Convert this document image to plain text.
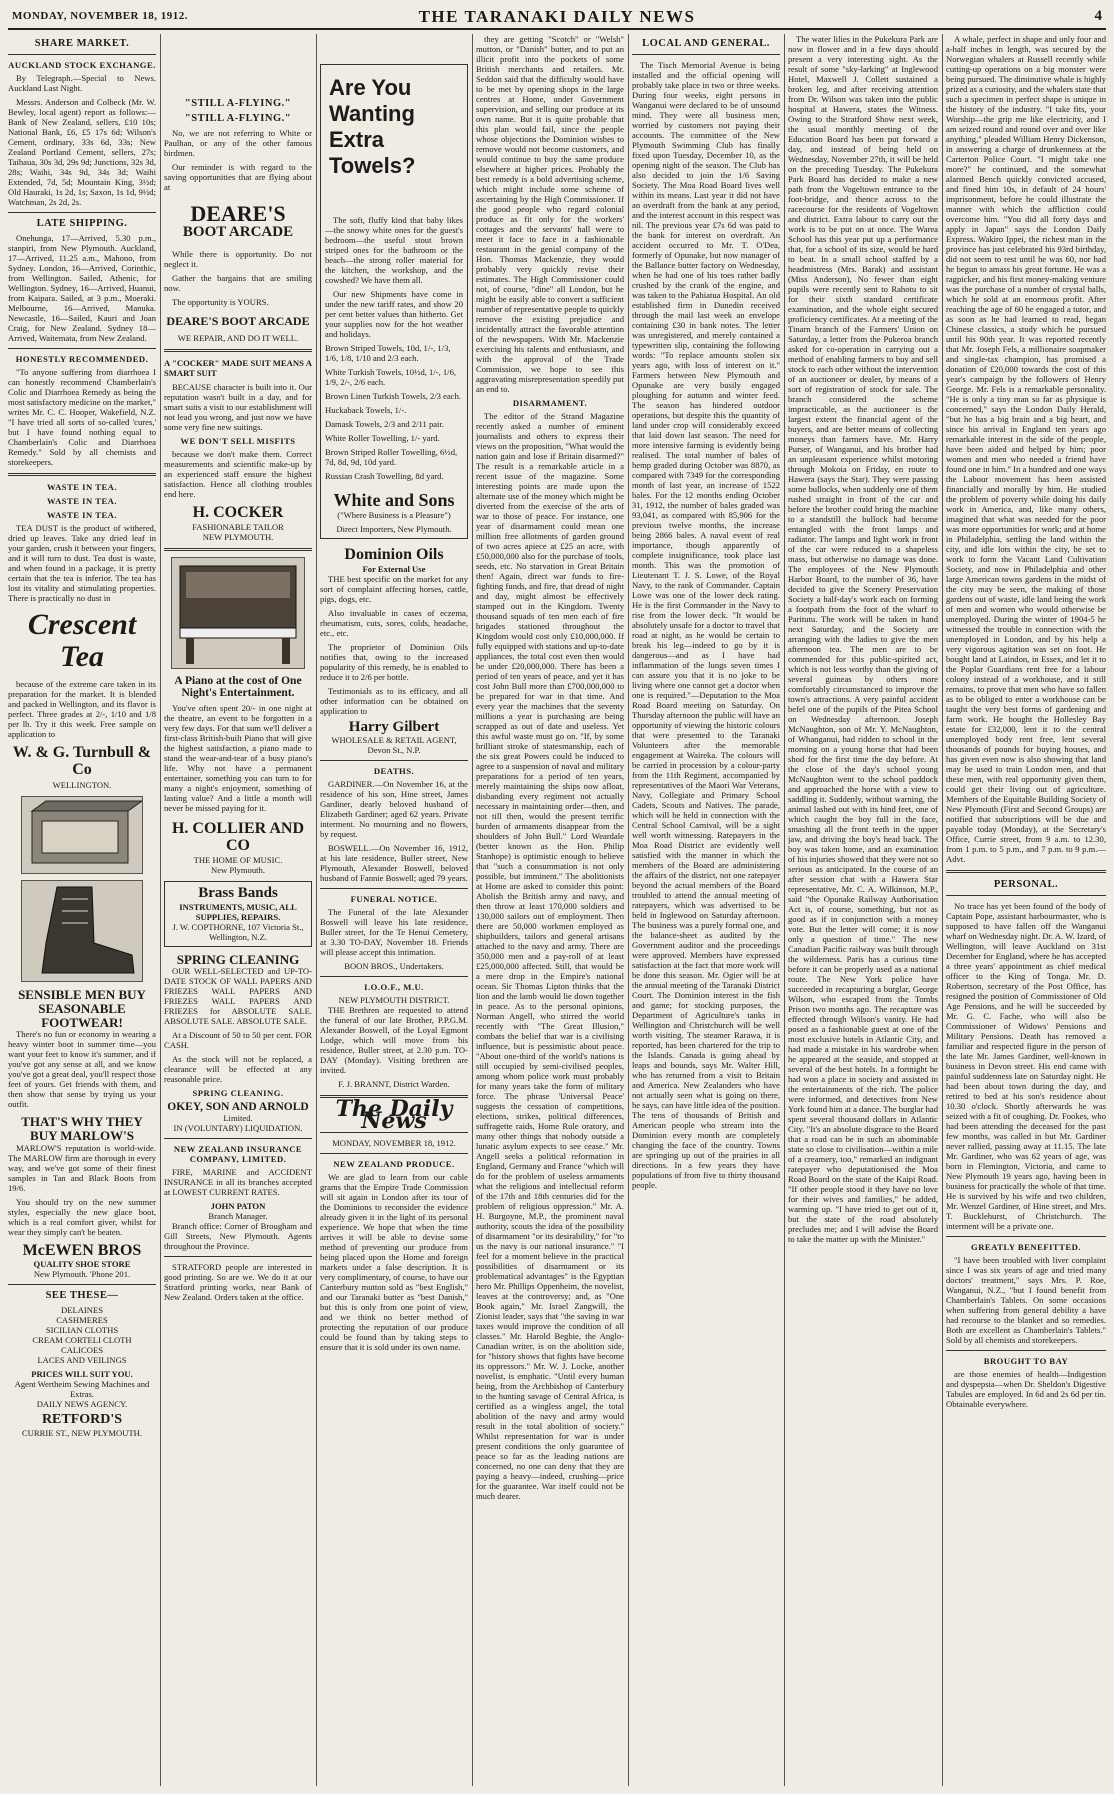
MONDAY, NOVEMBER 18, 1912.	THE TARANAKI DAILY NEWS	4
SHARE MARKET.
AUCKLAND STOCK EXCHANGE.

By Telegraph.—Special to News. Auckland Last Night.

Messrs. Anderson and Colbeck (Mr. W. Bewley, local agent) report as follows:—Bank of New Zealand, sellers, £10 10s; National Bank, £6, £5 17s 6d; Wilson's Cement, ordinary, 33s 6d, 33s; New Zealand Portland Cement, sellers, 27s; Taihaua, 30s 3d, 29s 9d; Junctions, 32s 3d, 28s; Waihi, 34s 9d, 34s 3d; Waihi Extended, 7d, 5d; Mountain King, 3½d; Old Hauraki, 1s 2d, 1s; Saxon, 1s 1d, 9½d; Watchman, 2s 2d, 2s.

LATE SHIPPING.

Onehunga, 17—Arrived, 5.30 p.m., stanpiri, from New Plymouth. Auckland, 17—Arrived, 11.25 a.m., Mahono, from Sydney. London, 16—Arrived, Corinthic, from Wellington. Sailed, Athenic, for Wellington. Sydney, 16—Arrived, Huanui, from Kaipara. Sailed, at 3 p.m., Moeraki. Melbourne, 16—Arrived, Manuka. Newcastle, 16—Sailed, Kauri and Joan Craig, for New Zealand. Sydney 18—Arrived, Waitemata, from New Zealand.

HONESTLY RECOMMENDED.

"To anyone suffering from diarrhoea I can honestly recommend Chamberlain's Colic and Diarrhoea Remedy as being the most satisfactory medicine on the market," writes Mr. C. C. Hooper, Wakefield, N.Z. "I have tried all sorts of so-called 'cures,' but I have found nothing equal to Chamberlain's Colic and Diarrhoea Remedy." Sold by all chemists and storekeepers.

WASTE IN TEA.
WASTE IN TEA.
WASTE IN TEA.

TEA DUST is the product of withered, dried up leaves. Take any dried leaf in your garden, crush it between your fingers, and it will turn to dust. Tea dust is waste, and when found in a package, it is pretty certain that the tea is inferior. The tea has lost its vitality and stimulating properties. There is practically no dust in

Crescent Tea

because of the extreme care taken in its preparation for the market. It is blended and packed in Wellington, and its flavor is perfect. Three grades at 2/-, 1/10 and 1/8 per lb. Try it this week. Free sample on application to

W. & G. Turnbull & Co
WELLINGTON.
SENSIBLE MEN BUY
SEASONABLE FOOTWEAR!

There's no fun or economy in wearing a heavy winter boot in summer time—you want your feet to know it's summer, and if you've got any sense at all, and we know you've got a great deal, you'll respect those feet of yours. Get friends with them, and then show that sense by trying us your outfit.

THAT'S WHY THEY
BUY MARLOW'S

MARLOW'S reputation is world-wide. The MARLOW firm are thorough in every way, and we've got some of their finest samples in Tan and Black Boots from 19/6.

You should try on the new summer styles, especially the new glace boot, which is a real comfort giver, whilst for wear they simply can't be beaten.

McEWEN BROS
QUALITY SHOE STORE
New Plymouth. 'Phone 201.
SEE THESE—
DELAINES
CASHMERES
SICILIAN CLOTHS
CREAM CORTELI CLOTH
CALICOES
LACES AND VEILINGS
PRICES WILL SUIT YOU.
Agent Wertheim Sewing Machines and Extras.
DAILY NEWS AGENCY.
RETFORD'S
CURRIE ST., NEW PLYMOUTH.
"STILL A-FLYING."
"STILL A-FLYING."

No, we are not referring to White or Paulhan, or any of the other famous birdmen.

Our reminder is with regard to the saving opportunities that are flying about at

DEARE'S
BOOT ARCADE

While there is opportunity. Do not neglect it.

Gather the bargains that are smiling now.

The opportunity is YOURS.

DEARE'S BOOT ARCADE
WE REPAIR, AND DO IT WELL.

A "COCKER" MADE SUIT MEANS A SMART SUIT

BECAUSE character is built into it. Our reputation wasn't built in a day, and for smart suits a visit to our establishment will not lead you wrong, and just now we have some very fine new suitings.

WE DON'T SELL MISFITS

because we don't make them. Correct measurements and scientific make-up by an experienced staff ensure the highest satisfaction. Hence all clothing troubles end here.

H. COCKER
FASHIONABLE TAILOR
NEW PLYMOUTH.
A Piano at the cost of One Night's Entertainment.

You've often spent 20/- in one night at the theatre, an event to be forgotten in a very few days. For that sum we'll deliver a first-class British-built Piano that will give the highest satisfaction, a piano made to stand the wear-and-tear of a busy piano's life. Why not have a permanent entertainer, something you can turn to for many a night's enjoyment, something of lasting value? And a little a month will never be missed paying for it.

H. COLLIER AND CO
THE HOME OF MUSIC.
New Plymouth.
Brass Bands
INSTRUMENTS, MUSIC, ALL SUPPLIES, REPAIRS.
J. W. COPTHORNE, 107 Victoria St., Wellington, N.Z.
SPRING CLEANING

OUR WELL-SELECTED and UP-TO-DATE STOCK OF WALL PAPERS AND FRIEZES WALL PAPERS AND FRIEZES WALL PAPERS AND FRIEZES for ABSOLUTE SALE. ABSOLUTE SALE. ABSOLUTE SALE.

At a Discount of 50 to 50 per cent. FOR CASH.

As the stock will not be replaced, a clearance will be effected at any reasonable price.

SPRING CLEANING.
OKEY, SON AND ARNOLD
Limited.
IN (VOLUNTARY) LIQUIDATION.
NEW ZEALAND INSURANCE COMPANY, LIMITED.

FIRE, MARINE and ACCIDENT INSURANCE in all its branches accepted at LOWEST CURRENT RATES.

JOHN PATON
Branch Manager.

Branch office: Corner of Brougham and Gill Streets, New Plymouth. Agents throughout the Province.

STRATFORD people are interested in good printing. So are we. We do it at our Stratford printing works, near Bank of New Zealand. Orders taken at the office.

Are You
Wanting
Extra
Towels?

The soft, fluffy kind that baby likes—the snowy white ones for the guest's bedroom—the useful stout brown striped ones for the bathroom or the beach—the strong roller material for the kitchen, the workshop, and the cowshed? We have them all.

Our new Shipments have come in under the new tariff rates, and show 20 per cent better values than hitherto. Get your supplies now for the hot weather and holidays.

Brown Striped Towels, 10d, 1/-, 1/3, 1/6, 1/8, 1/10 and 2/3 each.

White Turkish Towels, 10½d, 1/-, 1/6, 1/9, 2/-, 2/6 each.

Brown Linen Turkish Towels, 2/3 each.

Huckaback Towels, 1/-.

Damask Towels, 2/3 and 2/11 pair.

White Roller Towelling, 1/- yard.

Brown Striped Roller Towelling, 6½d, 7d, 8d, 9d, 10d yard.

Russian Crash Towelling, 8d yard.

White and Sons
("Where Business is a Pleasure")
Direct Importers, New Plymouth.
Dominion Oils
For External Use

THE best specific on the market for any sort of complaint affecting horses, cattle, pigs, dogs, etc.

Also invaluable in cases of eczema, rheumatism, cuts, sores, colds, headache, etc., etc.

The proprietor of Dominion Oils notifies that, owing to the increased popularity of this remedy, he is enabled to reduce it to 2/6 per bottle.

Testimonials as to its efficacy, and all other information can be obtained on application to

Harry Gilbert
WHOLESALE & RETAIL AGENT, Devon St., N.P.
DEATHS.

GARDINER.—On November 16, at the residence of his son, Hine street, James Gardiner, dearly beloved husband of Elizabeth Gardiner; aged 62 years. Private interment. No mourning and no flowers, by request.

BOSWELL.—On November 16, 1912, at his late residence, Buller street, New Plymouth, Alexander Boswell, beloved husband of Fannie Boswell; aged 79 years.

FUNERAL NOTICE.

The Funeral of the late Alexander Boswell will leave his late residence, Buller street, for the Te Henui Cemetery, at 3.30 TO-DAY, November 18. Friends will please accept this intimation.

BOON BROS., Undertakers.
I.O.O.F., M.U.
NEW PLYMOUTH DISTRICT.

THE Brethren are requested to attend the funeral of our late Brother, P.P.G.M. Alexander Boswell, of the Loyal Egmont Lodge, which will move from his residence, Buller street, at 2.30 p.m. TO-DAY (Monday). Visiting brethren are invited.

F. J. BRANNT, District Warden.
The Daily News
MONDAY, NOVEMBER 18, 1912.
NEW ZEALAND PRODUCE.

We are glad to learn from our cable grams that the Empire Trade Commission will sit again in London after its tour of the Dominions to reconsider the evidence already given it in the light of its personal experience. We hope that when the time arrives it will be able to devise some method of preventing our produce from being placed upon the Home and foreign markets under a false description. It is very complimentary, of course, to have our Canterbury mutton sold as "best English," and our Taranaki butter as "best Danish," but this is only from one point of view, and we think no better method of protecting the reputation of our produce could be found than by taking steps to ensure that it is sold under its own name.

they are getting "Scotch" or "Welsh" mutton, or "Danish" butter, and to put an illicit profit into the pockets of some British merchants and retailers. Mr. Seddon said that the difficulty would have to be met by opening shops in the large centres at Home, under Government supervision, and selling our produce at its own name. But it is quite probable that this plan would fail, since the people whose objections the Dominion wishes to remove would not become customers, and would continue to buy the same produce elsewhere at higher prices. Probably the best remedy is a bold advertising scheme, which might include some scheme of ascertaining by the High Commissioner. If the good people who regard colonial produce as fit only for the workers' cottages and the servants' hall were to meet it face to face in a fashionable restaurant in the genial company of the Hon. Thomas Mackenzie, they would probably very quickly revise their estimates. The High Commissioner could not, of course, "dine" all London, but he might be easily able to convert a sufficient number of representative people to quickly remove the existing prejudice and incidentally attract the favorable attention of the newspapers. With Mr. Mackenzie exercising his talents and enthusiasm, and with the approval of the Trade Commission, we hope to see this aggravating misrepresentation speedily put an end to.

DISARMAMENT.

The editor of the Strand Magazine recently asked a number of eminent journalists and others to express their views on the proposition, "What would the nation gain and lose if Britain disarmed?" The result is a remarkable article in a recent issue of the magazine. Some interesting points are made upon the alternate use of the money which might be diverted from the exercise of the arts of war to those of peace. For instance, one year of disarmament could mean one million free allotments of garden ground of two acres apiece at £25 an acre, with £50,000,000 also for the purchase of tools, seeds, etc. No starvation in Great Britain then! Again, direct war funds to fire-fighting funds, and fire, that dread of night and day, might almost be effectively stamped out in the Kingdom. Twenty thousand squads of ten men each of fire brigades stationed throughout the Kingdom would cost only £10,000,000. If fully equipped with stations and up-to-date appliances, the total cost even then would be under £20,000,000. There has been a period of ten years of peace, and yet it has cost John Bull more than £700,000,000 to be prepared for war in that time. And every year the machines that the seventy millions a year is purchasing are being scrapped as out of date and useless. Yet this awful waste must go on. "If, by some brilliant stroke of statesmanship, each of the six great Powers could be induced to agree to a suspension of naval and military preparations for a period of ten years, merely maintaining the ships now afloat, disbanding every regiment not actually necessary in maintaining order—then, and not till then, would the present terrific burden of armaments disappear from the shoulders of John Bull." Lord Weardale (better known as the Hon. Philip Stanhope) is optimistic enough to believe that "such a consummation is not only possible, but imminent." The abolitionists at Home are asked to consider this point: Abolish the British army and navy, and then throw at least 170,000 soldiers and 130,000 sailors out of employment. Then there are 50,000 workmen employed as shipbuilders, tailors and general artisans attached to the navy and army. There are 350,000 men and a pay-roll of at least £25,000,000 affected. Still, that would be a mere drop in the Empire's national ocean. Sir Thomas Lipton thinks that the lion and the lamb would lie down together in peace. As to the personal opinions, Norman Angell, who stirred the world recently with "The Great Illusion," combats the belief that war is a civilising influence, but is pessimistic about peace. "About one-third of the world's nations is still occupied by semi-civilised peoples, among whom police work must probably for many years take the form of military force. The phrase 'Universal Peace' suggests the cessation of competitions, elections, strikes, political differences, suffragette raids, Home Rule oratory, and many other things that nobody outside a lunatic asylum expects to see cease." Mr. Angell seeks a political reformation in England, Germany and France "which will do for the problem of useless armaments what the religious and intellectual reform of the 17th and 18th centuries did for the problem of religious oppression." Mr. A. H. Burgoyne, M.P., the prominent naval authority, scouts the idea of the possibility of disarmament "or its desirability," for "to us the navy is our national insurance." "I feel for a moment believe in the practical possibilities of disarmament or its problematical advantages" is the Egyptian hero Mr. Phillips Oppenheim, the novelist, leaves at the controversy; and, as "One Book again," Mr. Israel Zangwill, the Zionist leader, says that "the saving in war taxes would improve the condition of all classes." Mr. Harold Begbie, the Anglo-Canadian writer, is on the abolition side, for "history shows that fights have become its oppressors." Mr. W. J. Locke, another novelist, is emphatic. "Until every human being, from the Archbishop of Canterbury to the hunting savage of Central Africa, is certified as a wingless angel, the total abolition of the navy and army would result in the total abolition of society." Whilst representation for war is under present conditions the only guarantee of peace so far as the leading nations are concerned, no one can deny that they are paying a heavy—indeed, crushing—price for the guarantee. War itself could not be much dearer.

LOCAL AND GENERAL.

The Tisch Memorial Avenue is being installed and the official opening will probably take place in two or three weeks. During four weeks, eight persons in Wanganui were declared to be of unsound mind. They were all business men, worried by customers not paying their accounts. The committee of the New Plymouth Swimming Club has finally fixed upon Tuesday, December 10, as the opening night of the season. The Club has also decided to join the 1/6 Saving Society. The Moa Road Board lives well within its means. Last year it did not have an overdraft from the bank at any period, and the interest account in this respect was nil. The previous year £7s 6d was paid to the bank for interest on overdraft. An accident occurred to Mr. T. O'Dea, formerly of Opunake, but now manager of the Ballance butter factory on Wednesday, when he had one of his toes rather badly crushed by the crank of the engine, and was taken to the Pahiatua Hospital. An old established firm in Dunedin received through the mail last week an envelope containing £30 in bank notes. The letter was unregistered, and merely contained a typewritten slip, containing the following words: "To replace amounts stolen six years ago, with loss of interest on it." Farmers between New Plymouth and Opunake are very busily engaged ploughing for autumn and winter feed. The season has hindered outdoor operations, but despite this the quantity of land under crop will considerably exceed that laid down last season. The need for more intensive farming is evidently being realised. The total number of bales of hemp graded during October was 8870, as compared with 7349 for the corresponding month of last year, an increase of 1522 bales. For the 12 months ending October 31, 1912, the number of bales graded was 93,041, as compared with 85,906 for the previous twelve months, the increase being 2866 bales. A naval event of real importance, though apparently of complete insignificance, took place last month. This was the promotion of Lieutenant T. J. S. Lowe, of the Royal Navy, to the rank of Commander. Captain Lowe was one of the lower deck rating. He is the first Commander in the Navy to rise from the lower deck. "It would be absolutely unsafe for a doctor to travel that road at night, as he would be certain to break his leg—indeed to go by it is dangerous—and as I have had inflammation of the lungs seven times I can assure you that it is no joke to be living where one cannot get a doctor when one is required."—Deputation to the Moa Road Board meeting on Saturday. On Thursday afternoon the public will have an opportunity of viewing the historic colours that were presented to the Taranaki Volunteers after the memorable engagement at Waireka. The colours will be carried in procession by a colour-party from the 11th Regiment, accompanied by representatives of the Maori War Veterans, Navy, Collegiate and Primary School Cadets, Scouts and Natives. The parade, which will be held in connection with the Central School Carnival, will be a sight well worth witnessing. Ratepayers in the Moa Road District are evidently well satisfied with the manner in which the members of the Board are administering the affairs of the district, not one ratepayer beyond the actual members of the Board troubled to attend the annual meeting of ratepayers, which was advertised to be held in Inglewood on Saturday afternoon. The business was a purely formal one, and the balance-sheet as audited by the Government auditor and the proceedings were approved. Members have expressed satisfaction at the fact that more work will be done this season. Mr. Ogier will be at the annual meeting of the Taranaki District Court. The Dominion interest in the fish and game; for stocking purposes, the Department of Agriculture's tanks in Wellington and Christchurch will be well worth visiting. The steamer Rarawa, it is reported, has been chartered for the trip to the Islands. Canada is going ahead by leaps and bounds, says Mr. Walter Hill, who has returned from a visit to Britain and America. New Zealanders who have not actually seen what is going on there, he says, can have little idea of the position. The tens of thousands of British and American people who stream into the Dominion every month are completely changing the face of the country. Towns are springing up out of the prairies in all directions. In a few years they have populations of from five to thirty thousand people.

The water lilies in the Pukekura Park are now in flower and in a few days should present a very interesting sight. As the result of some "sky-larking" at Inglewood Hotel, Maxwell J. Collett sustained a broken leg, and after receiving attention from Dr. Wilson was taken into the public hospital at Hawera, states the Witness. Owing to the Stratford Show next week, the usual monthly meeting of the Education Board has been put forward a day, and instead of being held on Wednesday, November 27th, it will be held on the preceding Tuesday. The Pukekura Park Board has decided to make a new path from the Vogeltown entrance to the foot-bridge, and thence across to the racecourse for the residents of Vogeltown and district. Extra labour to carry out the work is to be put on at once. The Warea School has this year put up a performance that, for a school of its size, would be hard to beat. In a small school staffed by a headmistress (Mrs. Barak) and assistant (Miss Anderson), No fewer than eight pupils were recently sent to Rahotu to sit for their sixth standard certificate examination, and the whole eight secured proficiency certificates. At a meeting of the Tinarn branch of the Farmers' Union on Saturday, a letter from the Pukeroa branch asked for co-operation in carrying out a method of enabling farmers to buy and sell stock to each other without the intervention of an auctioneer or dealer, by means of a sort of registration of stock for sale. The branch considered the scheme impracticable, as the auctioneer is the largest extent the financial agent of the buyers, and are better means of collecting moneys than farmers have. Mr. Harry Purser, of Wanganui, and his brother had an unpleasant experience whilst motoring through Mokoia on Friday, en route to Hawera (says the Star). They were passing some bullocks, when suddenly one of them rushed straight in front of the car and before the brother could bring the machine to a standstill the bullock had become entangled with the front lamps and radiator. The lamps and light work in front of the car were reduced to a shapeless mass, but otherwise no damage was done. The employees of the New Plymouth Harbor Board, to the number of 36, have decided to give the Scenery Preservation Society a half-day's work each on forming a footpath from the foot of the wharf to Paritutu. The work will be taken in hand next Saturday, and the Society are arranging with the ladies to give the men afternoon tea. The men are to be commended for this public-spirited act, which is not less worthy than the giving of several guineas by others more comfortably circumstanced to improve the town's attractions. A very painful accident befel one of the pupils of the Pitea School on Wednesday afternoon. Joseph McNaughton, son of Mr. Y. McNaughton, of Whanganui, had ridden to school in the morning on a young horse that had been shod for the first time the day before. At the close of the day's school young McNaughton went to the school paddock and approached the horse with a view to saddling it. Suddenly, without warning, the animal lashed out with its hind feet, one of which caught the boy full in the face, smashing all the front teeth in the upper jaw, and driving the boy's head back. The boy was taken home, and an examination of his injuries showed that they were not so serious as anticipated. In the course of an after session chat with a Hawera Star representative, Mr. C. A. Wilkinson, M.P., said "the Opunake Railway Authorisation Act is, of course, something, but not as good as if in conjunction with a money vote. But the letter will come; it is now only a question of time." The new Canadian Pacific railway was built through the wilderness. Paris has a curious time before it can be properly used as a national route. The New York police have succeeded in recapturing a burglar, George Wilson, who escaped from the Tombs Prison two months ago. The recapture was effected through Wilson's vanity. He had posed as a fashionable guest at one of the most exclusive hotels in Atlantic City, and had made a mistake in his wardrobe when he appeared at the seaside, and stopped at several of the best hotels. In a fortnight he had won a place in society and assisted in the entertainments of the rich. The police were informed, and detectives from New York found him at a dance. The burglar had spent several thousand dollars in Atlantic City. "It's an absolute disgrace to the Board that a road can be in such an abominable state so close to civilisation—within a mile of a creamery, too," remarked an indignant ratepayer who deputationised the Moa Road Board on the state of the Kaipi Road. "If other people stood it they have no love for their wives and families," he added, warming up. "I have tried to get out of it, but the state of the road absolutely precludes me; and I will advise the Board to take the matter up with the Minister."

A whale, perfect in shape and only four and a-half inches in length, was secured by the Norwegian whalers at Russell recently while cutting-up operations on a big monster were being pursued. The diminutive whale is highly prized as a curiosity, and the whalers state that such a specimen in perfect shape is unique in the history of the industry. "I take fits, your Worship—the grip me like electricity, and I am seized round and round over and over like anything," pleaded William Henry Dickenson, in answering a charge of drunkenness at the Carterton Police Court. "I might take one more?" he continued, and the somewhat alarmed Bench quickly convicted accused, and fined him 10s, in default of 24 hours' imprisonment, before he could illustrate the manner with which the affliction could overcome him. "You did all forty days and apply in Japan" says the London Daily Express. Wakiro Ippei, the richest man in the province has just celebrated his 93rd birthday, did not seem to rest until he was 60, nor had he begun to amass his great fortune. He was a ragpicker, and his first money-making venture was the purchase of a number of crystal balls, which he sold at an enormous profit. After reaching the age of 60 he engaged a tutor, and as soon as he had learned to read, began Chinese classics, a study which he pursued until his 90th year. It was reported recently that Mr. Joseph Fels, a millionaire soapmaker and single-tax champion, has promised a donation of £20,000 towards the cost of this year's campaign by the followers of Henry George. Mr. Fels is a remarkable personality. "He is only a tiny man so far as physique is concerned," says the London Daily Herald, "but he has a big brain and a big heart, and since his arrival in England ten years ago remarkable interest in the side of the people, have been aided and helped by him; poor women and men who needed a friend have found one in him." In a hundred and one ways the Labour movement has been assisted financially and morally by him. He studied the problem of poverty while doing his daily work in America, and, like many others, imagined that what was needed for the poor was more opportunities for work; and at home in Philadelphia, settling the land within the city, and idle lots within the city, he set to work to form the Vacant Land Cultivation Society, and now in Philadelphia and other large American towns gardens in the midst of the city may be seen, the making of those gardens out of waste, idle land being the work of men and women who would otherwise be unemployed. During the winter of 1904-5 he witnessed the trouble in connection with the unemployed in London, and by his help a very vigorous agitation was set on foot. He bought land at Laindon, in Essex, and let it to the Poplar Guardians rent free for a labour colony instead of a workhouse, and it still remains, to prove that men who have so fallen as to be obliged to enter a workhouse can be taught the very best forms of gardening and farm work. He bought the Hollesley Bay estate for £32,000, lent it to the central unemployed body rent free, lent several thousands of pounds for buying houses, and has given even now is also showing that land may be used to train London men, and that these men, with real opportunity given them, could get their living out of agriculture. Members of the Equitable Building Society of New Plymouth (First and Second Groups) are notified that subscriptions will be due and payable today (Monday), at the Secretary's Office, Currie street, from 9 a.m. to 12.30, from 1 p.m. to 5 p.m., and 7 p.m. to 9 p.m.—Advt.

PERSONAL.

No trace has yet been found of the body of Captain Pope, assistant harbourmaster, who is supposed to have fallen off the Wanganui wharf on Wednesday night. Dr. A. W. Izard, of Wellington, will leave Auckland on 31st December for England, where he has accepted a three years' appointment as chief medical officer to the King of Tonga. Mr. D. Robertson, secretary of the Post Office, has resigned the position of Commissioner of Old Age Pensions, and he will be succeeded by Mr. G. C. Fache, who will also be Commissioner of Widows' Pensions and Military Pensions. Death has removed a familiar and respected figure in the person of the late Mr. James Gardiner, well-known in business in Devon street. His end came with painful suddenness late on Saturday night. He had been about town during the day, and retired to bed at his son's residence about 10.30 o'clock. Shortly afterwards he was seized with a fit of coughing. Dr. Fookes, who had been attending the deceased for the past few months, was called in but Mr. Gardiner never rallied, passing away at 11.15. The late Mr. Gardiner, who was 62 years of age, was born in Flemington, Victoria, and came to New Plymouth 19 years ago, having been in business for practically the whole of that time. He is survived by his wife and two children, Mr. Wenzel Gardiner, of Hine street, and Mrs. T. Bucklehurst, of Christchurch. The interment will be a private one.

GREATLY BENEFITTED.

"I have been troubled with liver complaint since I was six years of age and tried many doctors' treatment," says Mrs. P. Roe, Wanganui, N.Z., "but I found benefit from Chamberlain's Tablets. On some occasions when suffering from general debility a have had recourse to the blanket and so remedies. Both are excellent as Chamberlain's Tablets." Sold by all chemists and storekeepers.

BROUGHT TO BAY

are those enemies of health—Indigestion and dyspepsia—when Dr. Sheldon's Digestive Tabules are employed. In 6d and 2s 6d per tin. Obtainable everywhere.
